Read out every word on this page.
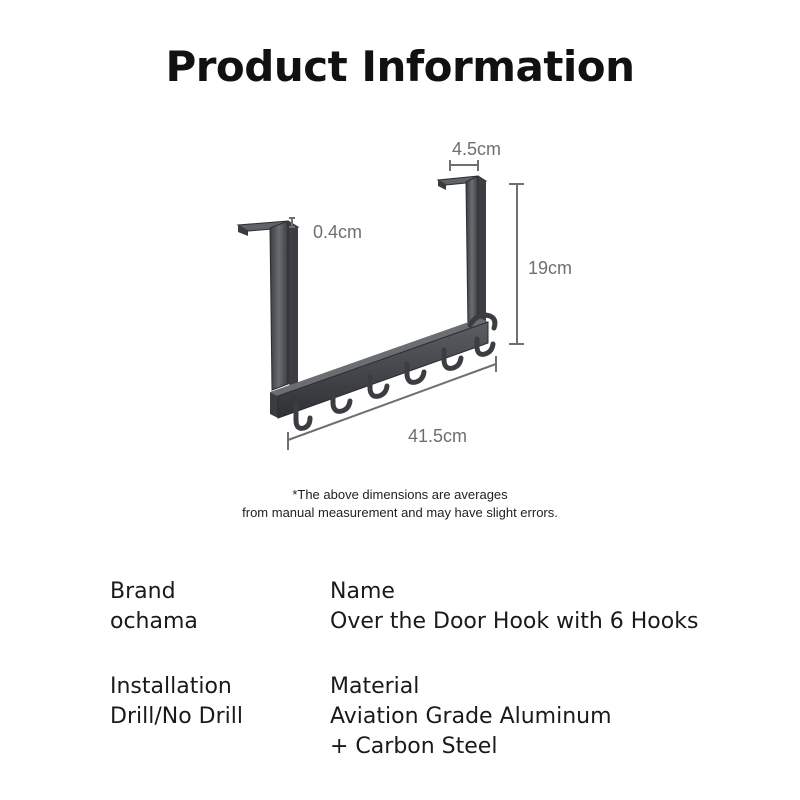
Product Information
41.5cm
19cm
4.5cm
0.4cm
*The above dimensions are averages
from manual measurement and may have slight errors.
Brand
ochama
Name
Over the Door Hook with 6 Hooks
Installation
Drill/No Drill
Material
Aviation Grade Aluminum
+ Carbon Steel
